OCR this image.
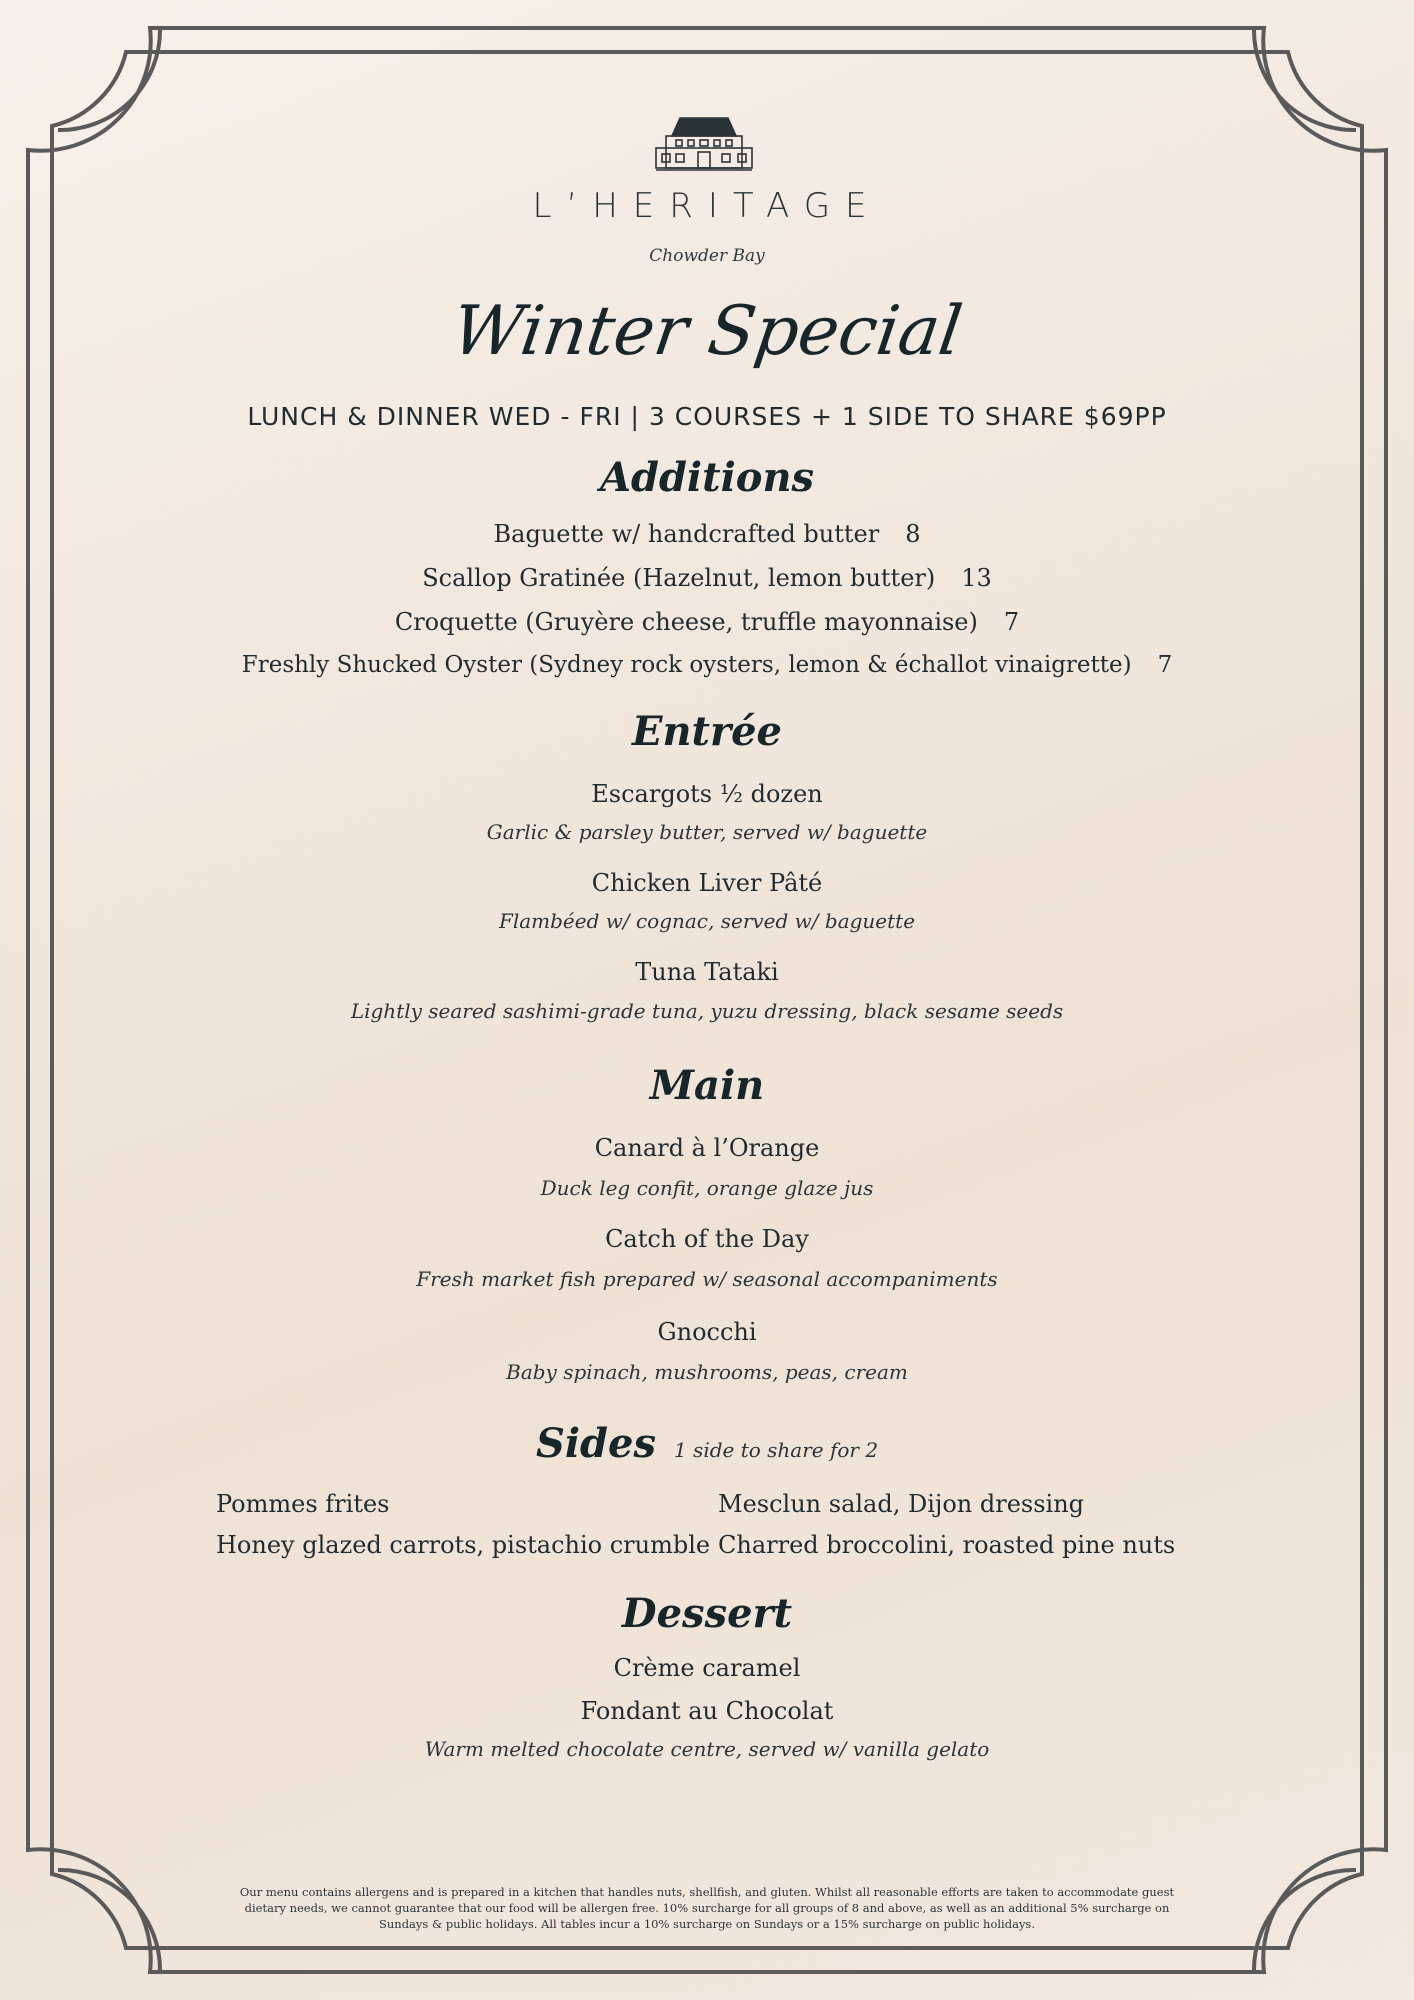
L’HERITAGE
Chowder Bay
Winter Special
LUNCH & DINNER WED - FRI | 3 COURSES + 1 SIDE TO SHARE $69PP
Additions
Baguette w/ handcrafted butter 8
Scallop Gratinée (Hazelnut, lemon butter) 13
Croquette (Gruyère cheese, truffle mayonnaise) 7
Freshly Shucked Oyster (Sydney rock oysters, lemon & échallot vinaigrette) 7
Entrée
Escargots ½ dozen
Garlic & parsley butter, served w/ baguette
Chicken Liver Pâté
Flambéed w/ cognac, served w/ baguette
Tuna Tataki
Lightly seared sashimi-grade tuna, yuzu dressing, black sesame seeds
Main
Canard à l’Orange
Duck leg confit, orange glaze jus
Catch of the Day
Fresh market fish prepared w/ seasonal accompaniments
Gnocchi
Baby spinach, mushrooms, peas, cream
Sides 1 side to share for 2
Pommes frites	Mesclun salad, Dijon dressing
Honey glazed carrots, pistachio crumble Charred broccolini, roasted pine nuts
Dessert
Crème caramel
Fondant au Chocolat
Warm melted chocolate centre, served w/ vanilla gelato
Our menu contains allergens and is prepared in a kitchen that handles nuts, shellfish, and gluten. Whilst all reasonable efforts are taken to accommodate guest
dietary needs, we cannot guarantee that our food will be allergen free. 10% surcharge for all groups of 8 and above, as well as an additional 5% surcharge on
Sundays & public holidays. All tables incur a 10% surcharge on Sundays or a 15% surcharge on public holidays.
